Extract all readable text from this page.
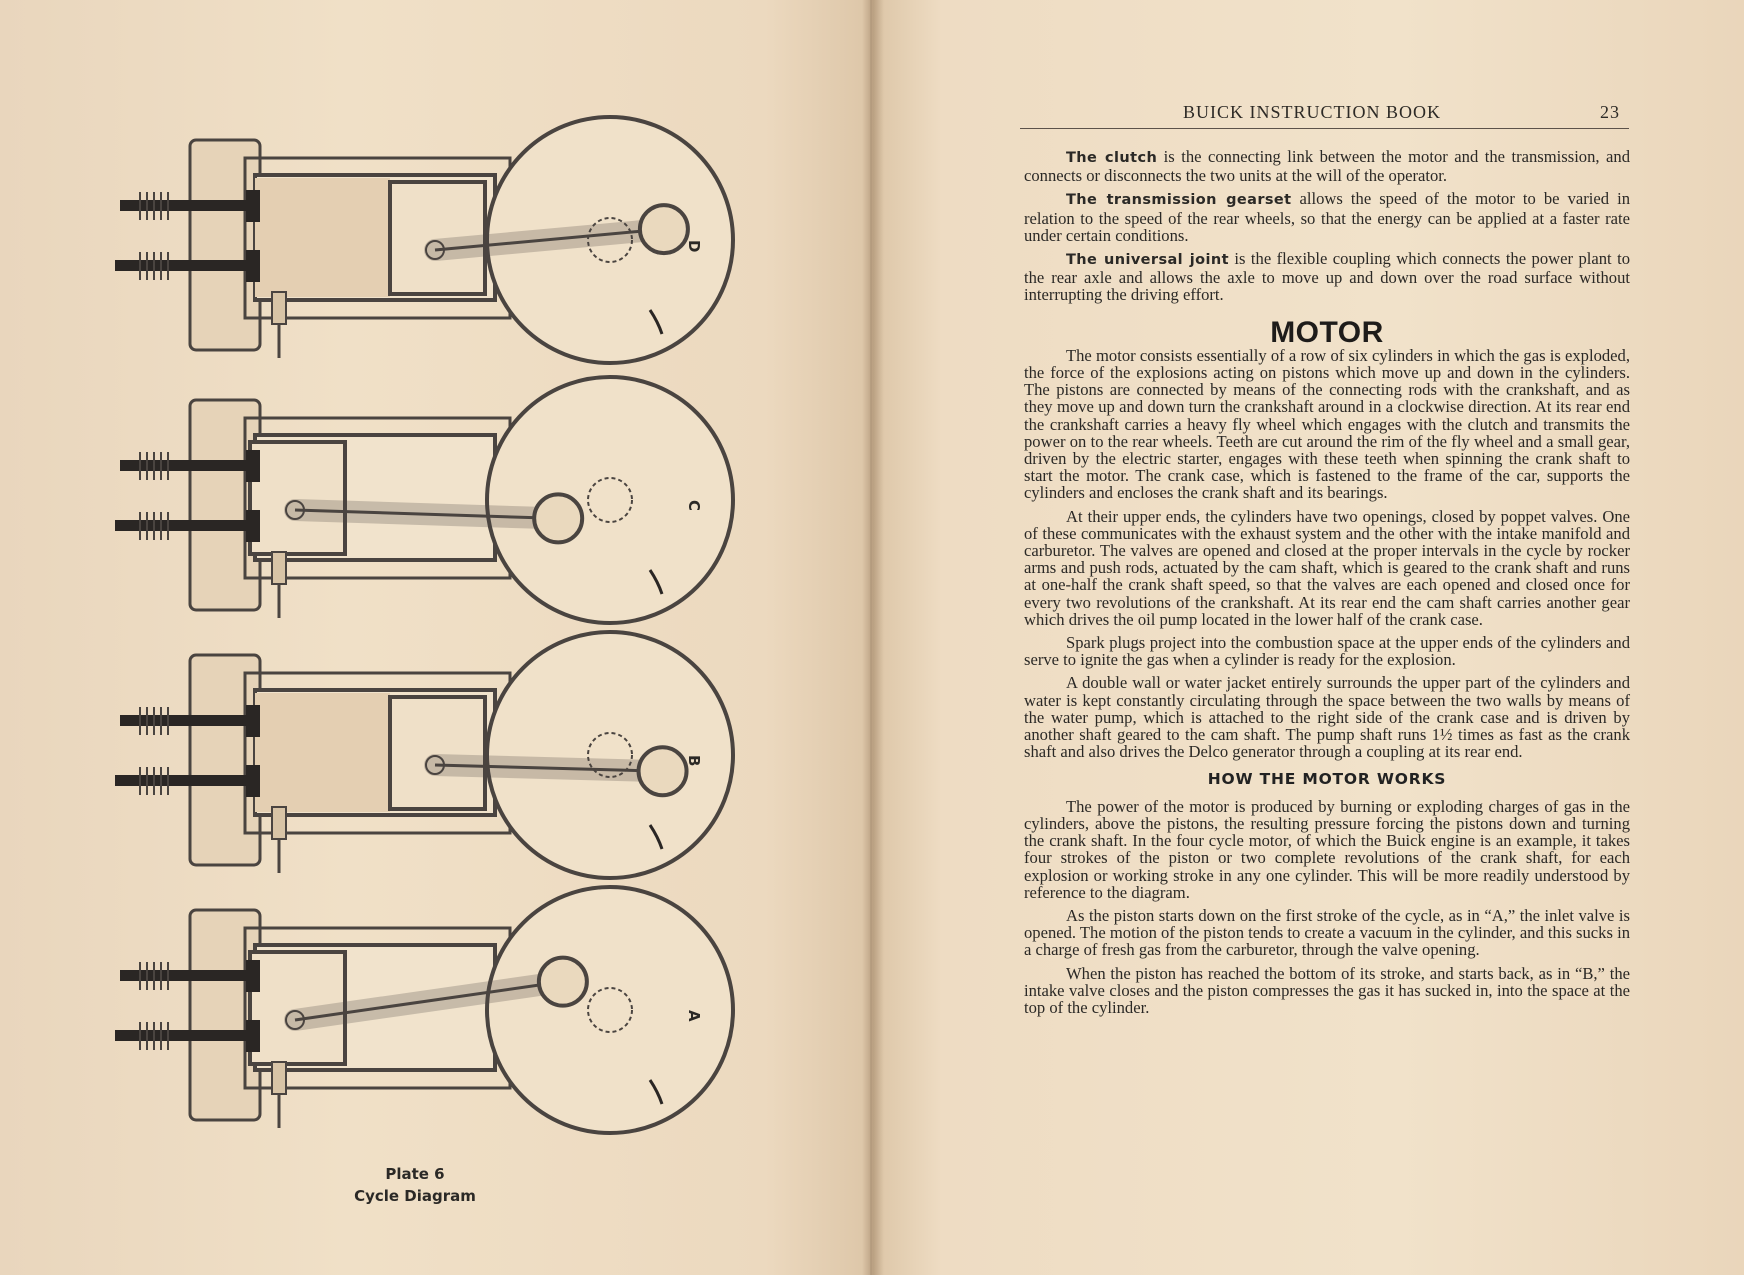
D
C
B
A
Plate 6
Cycle Diagram
BUICK INSTRUCTION BOOK	23

The clutch is the connecting link between the motor and the transmission, and connects or disconnects the two units at the will of the operator.

The transmission gearset allows the speed of the motor to be varied in relation to the speed of the rear wheels, so that the energy can be applied at a faster rate under certain conditions.

The universal joint is the flexible coupling which connects the power plant to the rear axle and allows the axle to move up and down over the road surface without interrupting the driving effort.

MOTOR

The motor consists essentially of a row of six cylinders in which the gas is exploded, the force of the explosions acting on pistons which move up and down in the cylinders. The pistons are connected by means of the connecting rods with the crankshaft, and as they move up and down turn the crankshaft around in a clockwise direction. At its rear end the crankshaft carries a heavy fly wheel which engages with the clutch and transmits the power on to the rear wheels. Teeth are cut around the rim of the fly wheel and a small gear, driven by the electric starter, engages with these teeth when spinning the crank shaft to start the motor. The crank case, which is fastened to the frame of the car, supports the cylinders and encloses the crank shaft and its bearings.

At their upper ends, the cylinders have two openings, closed by poppet valves. One of these communicates with the exhaust system and the other with the intake manifold and carburetor. The valves are opened and closed at the proper intervals in the cycle by rocker arms and push rods, actuated by the cam shaft, which is geared to the crank shaft and runs at one-half the crank shaft speed, so that the valves are each opened and closed once for every two revolutions of the crankshaft. At its rear end the cam shaft carries another gear which drives the oil pump located in the lower half of the crank case.

Spark plugs project into the combustion space at the upper ends of the cylinders and serve to ignite the gas when a cylinder is ready for the explosion.

A double wall or water jacket entirely surrounds the upper part of the cylinders and water is kept constantly circulating through the space between the two walls by means of the water pump, which is attached to the right side of the crank case and is driven by another shaft geared to the cam shaft. The pump shaft runs 1½ times as fast as the crank shaft and also drives the Delco generator through a coupling at its rear end.

HOW THE MOTOR WORKS

The power of the motor is produced by burning or exploding charges of gas in the cylinders, above the pistons, the resulting pressure forcing the pistons down and turning the crank shaft. In the four cycle motor, of which the Buick engine is an example, it takes four strokes of the piston or two complete revolutions of the crank shaft, for each explosion or working stroke in any one cylinder. This will be more readily understood by reference to the diagram.

As the piston starts down on the first stroke of the cycle, as in “A,” the inlet valve is opened. The motion of the piston tends to create a vacuum in the cylinder, and this sucks in a charge of fresh gas from the carburetor, through the valve opening.

When the piston has reached the bottom of its stroke, and starts back, as in “B,” the intake valve closes and the piston compresses the gas it has sucked in, into the space at the top of the cylinder.
